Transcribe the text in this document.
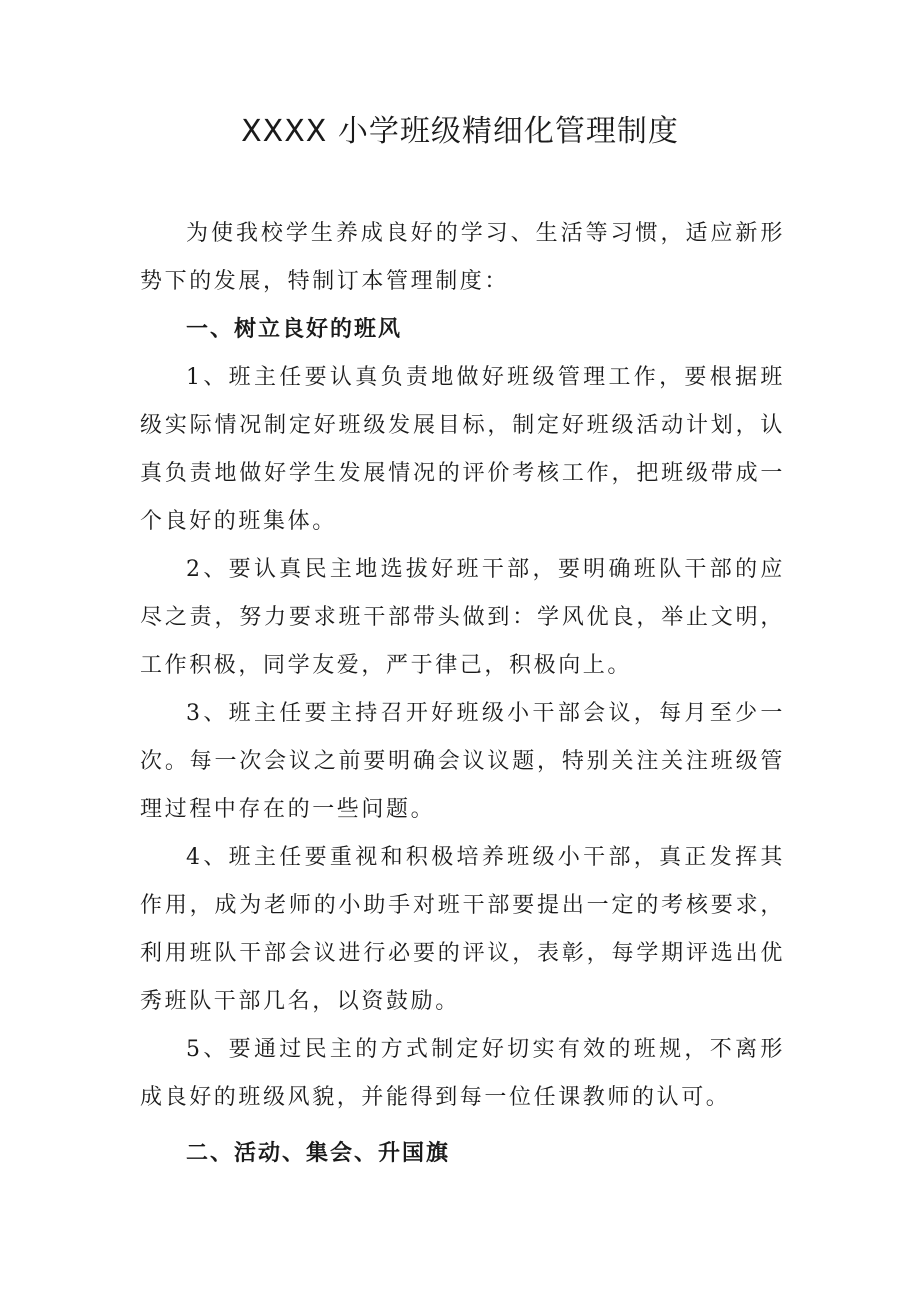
XXXX 小学班级精细化管理制度

为使我校学生养成良好的学习、生活等习惯，适应新形势下的发展，特制订本管理制度：

一、树立良好的班风

1、班主任要认真负责地做好班级管理工作，要根据班级实际情况制定好班级发展目标，制定好班级活动计划，认真负责地做好学生发展情况的评价考核工作，把班级带成一个良好的班集体。

2、要认真民主地选拔好班干部，要明确班队干部的应尽之责，努力要求班干部带头做到：学风优良，举止文明，工作积极，同学友爱，严于律己，积极向上。

3、班主任要主持召开好班级小干部会议，每月至少一次。每一次会议之前要明确会议议题，特别关注关注班级管理过程中存在的一些问题。

4、班主任要重视和积极培养班级小干部，真正发挥其作用，成为老师的小助手对班干部要提出一定的考核要求，利用班队干部会议进行必要的评议，表彰，每学期评选出优秀班队干部几名，以资鼓励。

5、要通过民主的方式制定好切实有效的班规，不离形成良好的班级风貌，并能得到每一位任课教师的认可。

二、活动、集会、升国旗
